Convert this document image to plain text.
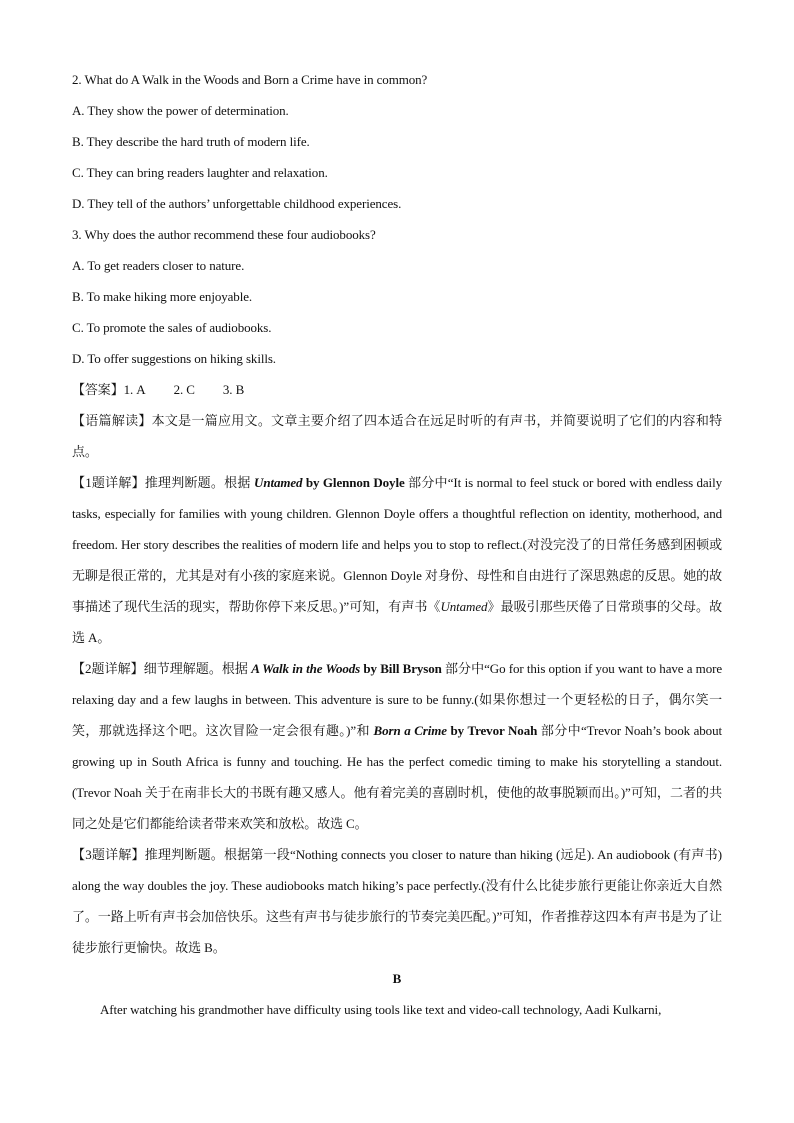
2. What do A Walk in the Woods and Born a Crime have in common?
A. They show the power of determination.
B. They describe the hard truth of modern life.
C. They can bring readers laughter and relaxation.
D. They tell of the authors’ unforgettable childhood experiences.
3. Why does the author recommend these four audiobooks?
A. To get readers closer to nature.
B. To make hiking more enjoyable.
C. To promote the sales of audiobooks.
D. To offer suggestions on hiking skills.
【答案】1. A 2. C 3. B

【语篇解读】本文是一篇应用文。文章主要介绍了四本适合在远足时听的有声书，并简要说明了它们的内容和特点。

【1题详解】推理判断题。根据 Untamed by Glennon Doyle 部分中“It is normal to feel stuck or bored with endless daily tasks, especially for families with young children. Glennon Doyle offers a thoughtful reflection on identity, motherhood, and freedom. Her story describes the realities of modern life and helps you to stop to reflect.(对没完没了的日常任务感到困顿或无聊是很正常的，尤其是对有小孩的家庭来说。Glennon Doyle 对身份、母性和自由进行了深思熟虑的反思。她的故事描述了现代生活的现实，帮助你停下来反思。)”可知，有声书《Untamed》最吸引那些厌倦了日常琐事的父母。故选 A。

【2题详解】细节理解题。根据 A Walk in the Woods by Bill Bryson 部分中“Go for this option if you want to have a more relaxing day and a few laughs in between. This adventure is sure to be funny.(如果你想过一个更轻松的日子，偶尔笑一笑，那就选择这个吧。这次冒险一定会很有趣。)”和 Born a Crime by Trevor Noah 部分中“Trevor Noah’s book about growing up in South Africa is funny and touching. He has the perfect comedic timing to make his storytelling a standout.(Trevor Noah 关于在南非长大的书既有趣又感人。他有着完美的喜剧时机，使他的故事脱颖而出。)”可知，二者的共同之处是它们都能给读者带来欢笑和放松。故选 C。

【3题详解】推理判断题。根据第一段“Nothing connects you closer to nature than hiking (远足). An audiobook (有声书) along the way doubles the joy. These audiobooks match hiking’s pace perfectly.(没有什么比徒步旅行更能让你亲近大自然了。一路上听有声书会加倍快乐。这些有声书与徒步旅行的节奏完美匹配。)”可知，作者推荐这四本有声书是为了让徒步旅行更愉快。故选 B。

B

After watching his grandmother have difficulty using tools like text and video-call technology, Aadi Kulkarni,
